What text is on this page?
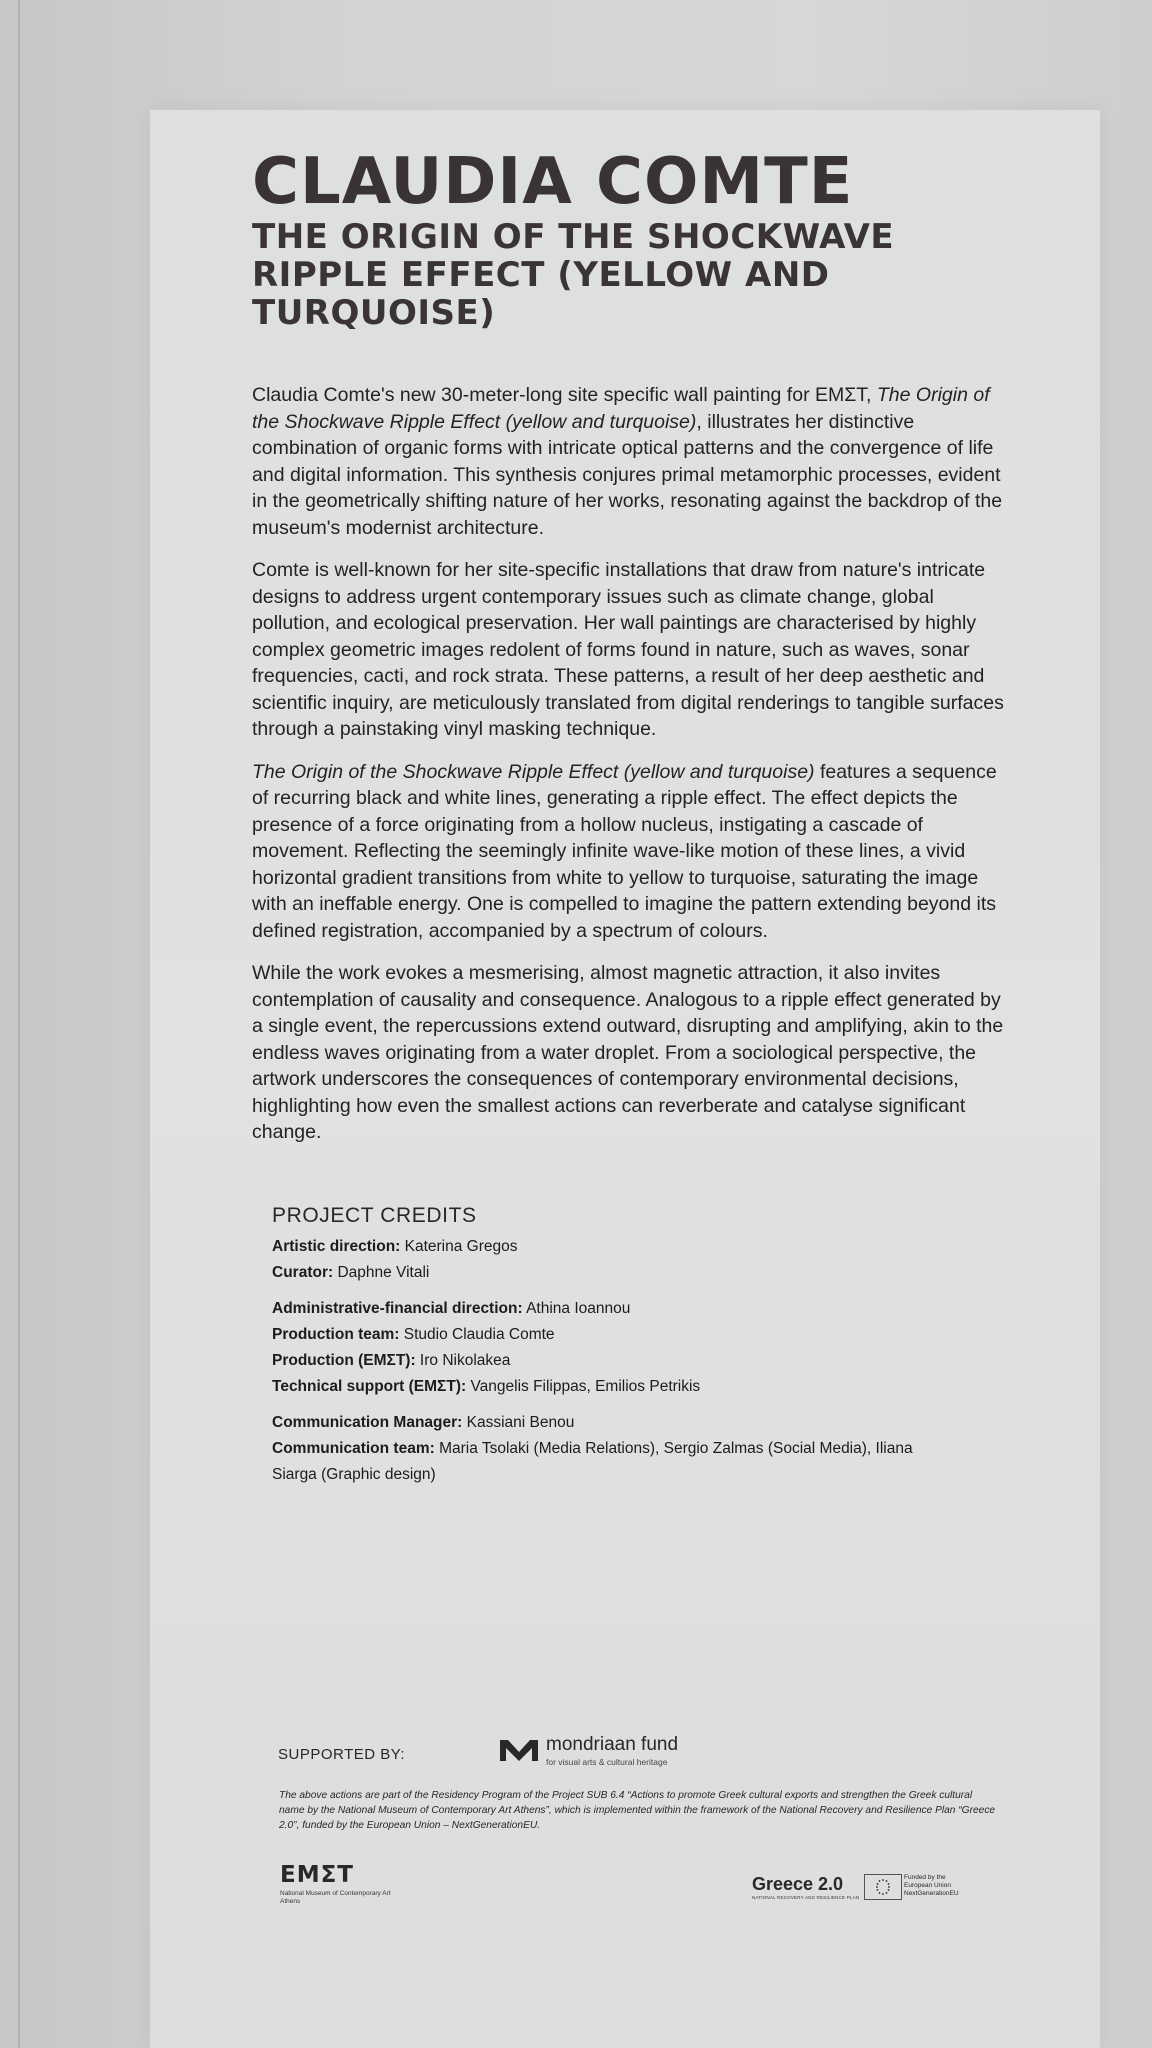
CLAUDIA COMTE
THE ORIGIN OF THE SHOCKWAVE RIPPLE EFFECT (YELLOW AND TURQUOISE)

Claudia Comte's new 30-meter-long site specific wall painting for ΕΜΣΤ, The Origin of the Shockwave Ripple Effect (yellow and turquoise), illustrates her distinctive combination of organic forms with intricate optical patterns and the convergence of life and digital information. This synthesis conjures primal metamorphic processes, evident in the geometrically shifting nature of her works, resonating against the backdrop of the museum's modernist architecture.

Comte is well-known for her site-specific installations that draw from nature's intricate designs to address urgent contemporary issues such as climate change, global pollution, and ecological preservation. Her wall paintings are characterised by highly complex geometric images redolent of forms found in nature, such as waves, sonar frequencies, cacti, and rock strata. These patterns, a result of her deep aesthetic and scientific inquiry, are meticulously translated from digital renderings to tangible surfaces through a painstaking vinyl masking technique.

The Origin of the Shockwave Ripple Effect (yellow and turquoise) features a sequence of recurring black and white lines, generating a ripple effect. The effect depicts the presence of a force originating from a hollow nucleus, instigating a cascade of movement. Reflecting the seemingly infinite wave-like motion of these lines, a vivid horizontal gradient transitions from white to yellow to turquoise, saturating the image with an ineffable energy. One is compelled to imagine the pattern extending beyond its defined registration, accompanied by a spectrum of colours.

While the work evokes a mesmerising, almost magnetic attraction, it also invites contemplation of causality and consequence. Analogous to a ripple effect generated by a single event, the repercussions extend outward, disrupting and amplifying, akin to the endless waves originating from a water droplet. From a sociological perspective, the artwork underscores the consequences of contemporary environmental decisions, highlighting how even the smallest actions can reverberate and catalyse significant change.

PROJECT CREDITS
Artistic direction: Katerina Gregos
Curator: Daphne Vitali
Administrative-financial direction: Athina Ioannou
Production team: Studio Claudia Comte
Production (ΕΜΣΤ): Iro Nikolakea
Technical support (ΕΜΣΤ): Vangelis Filippas, Emilios Petrikis
Communication Manager: Kassiani Benou
Communication team: Maria Tsolaki (Media Relations), Sergio Zalmas (Social Media), Iliana Siarga (Graphic design)
SUPPORTED BY:	mondriaan fund
for visual arts & cultural heritage
The above actions are part of the Residency Program of the Project SUB 6.4 “Actions to promote Greek cultural exports and strengthen the Greek cultural name by the National Museum of Contemporary Art Athens”, which is implemented within the framework of the National Recovery and Resilience Plan “Greece 2.0”, funded by the European Union – NextGenerationEU.
ΕΜΣΤ
National Museum of Contemporary Art Athens
Greece 2.0
NATIONAL RECOVERY AND RESILIENCE PLAN
Funded by the European Union NextGenerationEU
